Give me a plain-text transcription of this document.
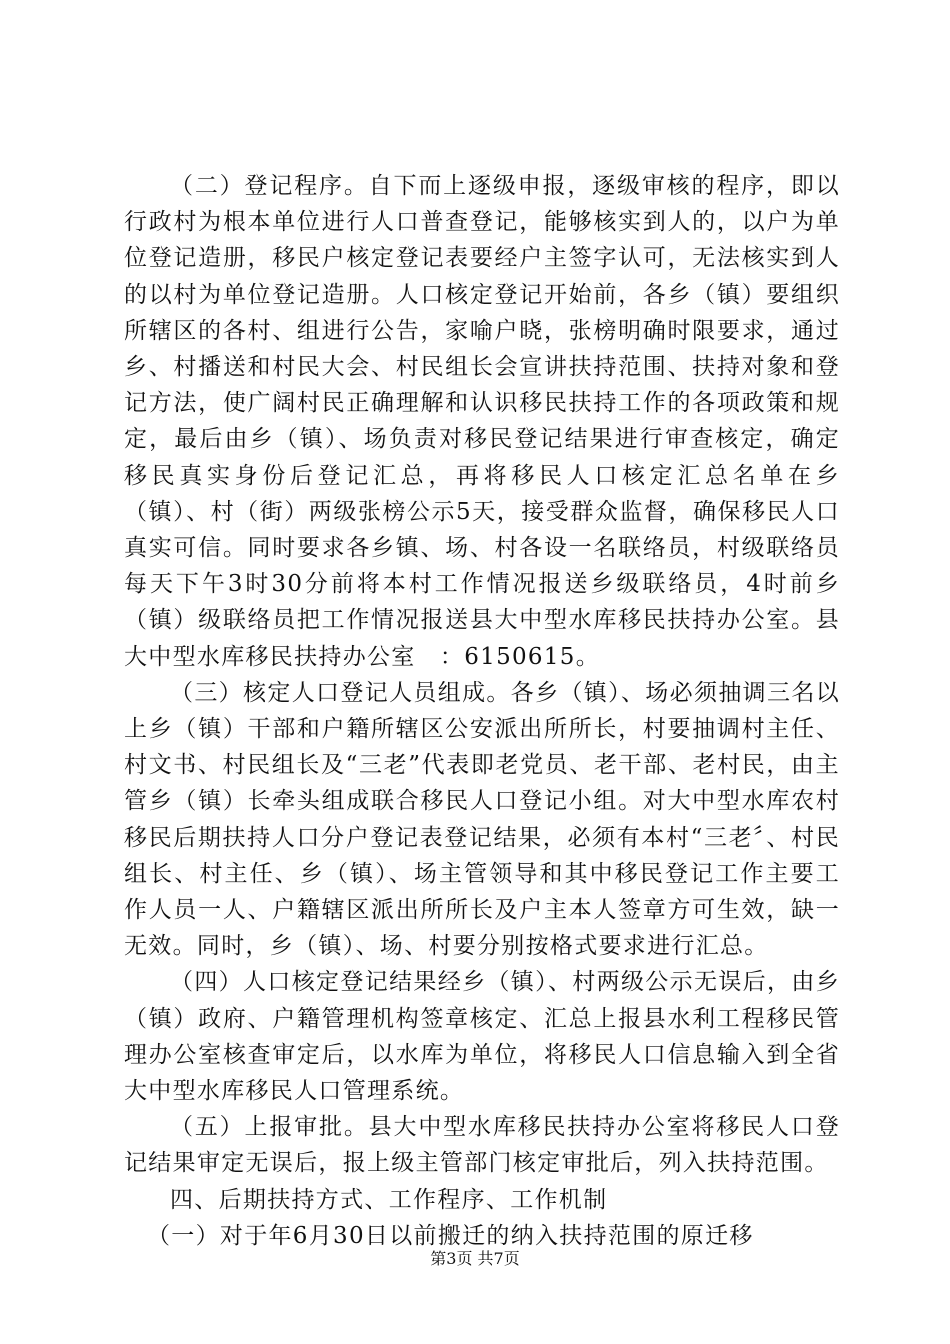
（二）登记程序。自下而上逐级申报，逐级审核的程序，即以行政村为根本单位进行人口普查登记，能够核实到人的，以户为单位登记造册，移民户核定登记表要经户主签字认可，无法核实到人的以村为单位登记造册。人口核定登记开始前，各乡（镇）要组织所辖区的各村、组进行公告，家喻户晓，张榜明确时限要求，通过乡、村播送和村民大会、村民组长会宣讲扶持范围、扶持对象和登记方法，使广阔村民正确理解和认识移民扶持工作的各项政策和规定，最后由乡（镇）、场负责对移民登记结果进行审查核定，确定移民真实身份后登记汇总，再将移民人口核定汇总名单在乡（镇）、村（街）两级张榜公示5天，接受群众监督，确保移民人口真实可信。同时要求各乡镇、场、村各设一名联络员，村级联络员每天下午3时30分前将本村工作情况报送乡级联络员，4时前乡（镇）级联络员把工作情况报送县大中型水库移民扶持办公室。县大中型水库移民扶持办公室　：6150615。

（三）核定人口登记人员组成。各乡（镇）、场必须抽调三名以上乡（镇）干部和户籍所辖区公安派出所所长，村要抽调村主任、村文书、村民组长及“三老”代表即老党员、老干部、老村民，由主管乡（镇）长牵头组成联合移民人口登记小组。对大中型水库农村移民后期扶持人口分户登记表登记结果，必须有本村“三老〞、村民组长、村主任、乡（镇）、场主管领导和其中移民登记工作主要工作人员一人、户籍辖区派出所所长及户主本人签章方可生效，缺一无效。同时，乡（镇）、场、村要分别按格式要求进行汇总。

（四）人口核定登记结果经乡（镇）、村两级公示无误后，由乡（镇）政府、户籍管理机构签章核定、汇总上报县水利工程移民管理办公室核查审定后，以水库为单位，将移民人口信息输入到全省大中型水库移民人口管理系统。

（五）上报审批。县大中型水库移民扶持办公室将移民人口登记结果审定无误后，报上级主管部门核定审批后，列入扶持范围。

四、后期扶持方式、工作程序、工作机制

（一）对于年6月30日以前搬迁的纳入扶持范围的原迁移

第3页 共7页
